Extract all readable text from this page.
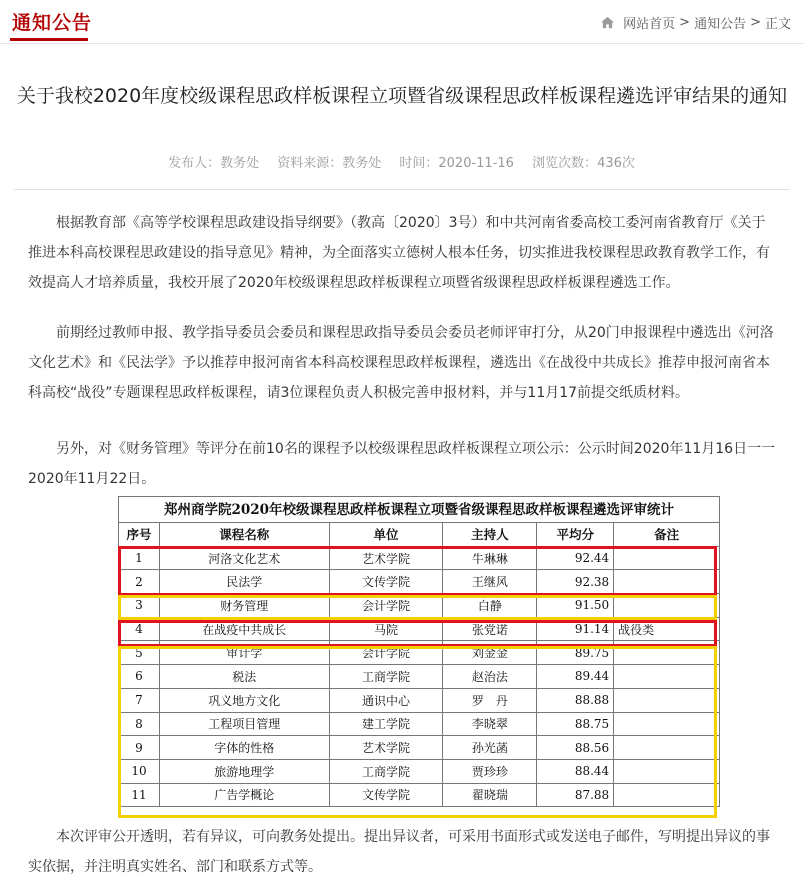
通知公告	网站首页 > 通知公告 > 正文
关于我校2020年度校级课程思政样板课程立项暨省级课程思政样板课程遴选评审结果的通知
发布人：教务处 资料来源：教务处 时间：2020-11-16 浏览次数：436次

根据教育部《高等学校课程思政建设指导纲要》（教高〔2020〕3号）和中共河南省委高校工委河南省教育厅《关于推进本科高校课程思政建设的指导意见》精神，为全面落实立德树人根本任务，切实推进我校课程思政教育教学工作，有效提高人才培养质量，我校开展了2020年校级课程思政样板课程立项暨省级课程思政样板课程遴选工作。

前期经过教师申报、教学指导委员会委员和课程思政指导委员会委员老师评审打分，从20门申报课程中遴选出《河洛文化艺术》和《民法学》予以推荐申报河南省本科高校课程思政样板课程，遴选出《在战役中共成长》推荐申报河南省本科高校“战役”专题课程思政样板课程，请3位课程负责人积极完善申报材料，并与11月17前提交纸质材料。

另外，对《财务管理》等评分在前10名的课程予以校级课程思政样板课程立项公示：公示时间2020年11月16日一一2020年11月22日。

郑州商学院2020年校级课程思政样板课程立项暨省级课程思政样板课程遴选评审统计
序号	课程名称	单位	主持人	平均分	备注
1	河洛文化艺术	艺术学院	牛琳琳	92.44	
2	民法学	文传学院	王继风	92.38	
3	财务管理	会计学院	白静	91.50	
4	在战疫中共成长	马院	张党诺	91.14	战役类
5	审计学	会计学院	刘金金	89.75	
6	税法	工商学院	赵治法	89.44	
7	巩义地方文化	通识中心	罗　丹	88.88	
8	工程项目管理	建工学院	李晓翠	88.75	
9	字体的性格	艺术学院	孙光菡	88.56	
10	旅游地理学	工商学院	贾珍珍	88.44	
11	广告学概论	文传学院	翟晓瑞	87.88	

本次评审公开透明，若有异议，可向教务处提出。提出异议者，可采用书面形式或发送电子邮件，写明提出异议的事实依据，并注明真实姓名、部门和联系方式等。
